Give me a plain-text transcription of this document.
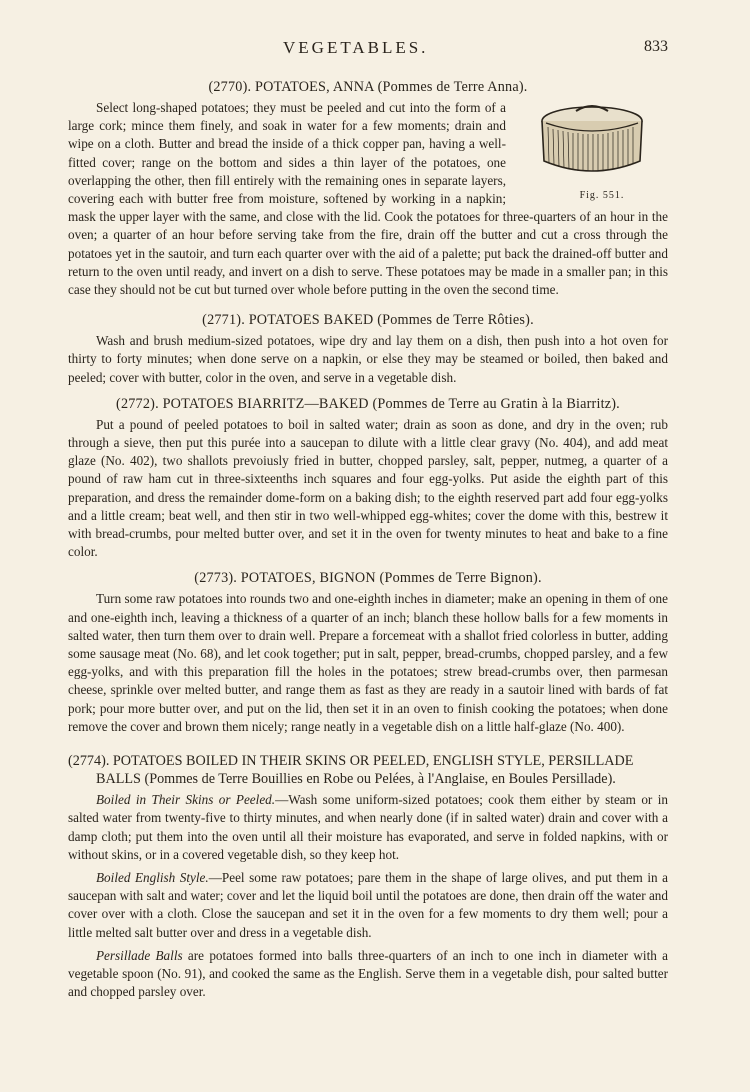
VEGETABLES.	833
(2770). POTATOES, ANNA (Pommes de Terre Anna).
Fig. 551.

Select long-shaped potatoes; they must be peeled and cut into the form of a large cork; mince them finely, and soak in water for a few moments; drain and wipe on a cloth. Butter and bread the inside of a thick copper pan, having a well-fitted cover; range on the bottom and sides a thin layer of the potatoes, one overlapping the other, then fill entirely with the remaining ones in separate layers, covering each with butter free from moisture, softened by working in a napkin; mask the upper layer with the same, and close with the lid. Cook the potatoes for three-quarters of an hour in the oven; a quarter of an hour before serving take from the fire, drain off the butter and cut a cross through the potatoes yet in the sautoir, and turn each quarter over with the aid of a palette; put back the drained-off butter and return to the oven until ready, and invert on a dish to serve. These potatoes may be made in a smaller pan; in this case they should not be cut but turned over whole before putting in the oven the second time.

(2771). POTATOES BAKED (Pommes de Terre Rôties).

Wash and brush medium-sized potatoes, wipe dry and lay them on a dish, then push into a hot oven for thirty to forty minutes; when done serve on a napkin, or else they may be steamed or boiled, then baked and peeled; cover with butter, color in the oven, and serve in a vegetable dish.

(2772). POTATOES BIARRITZ—BAKED (Pommes de Terre au Gratin à la Biarritz).

Put a pound of peeled potatoes to boil in salted water; drain as soon as done, and dry in the oven; rub through a sieve, then put this purée into a saucepan to dilute with a little clear gravy (No. 404), and add meat glaze (No. 402), two shallots prevoiusly fried in butter, chopped parsley, salt, pepper, nutmeg, a quarter of a pound of raw ham cut in three-sixteenths inch squares and four egg-yolks. Put aside the eighth part of this preparation, and dress the remainder dome-form on a baking dish; to the eighth reserved part add four egg-yolks and a little cream; beat well, and then stir in two well-whipped egg-whites; cover the dome with this, bestrew it with bread-crumbs, pour melted butter over, and set it in the oven for twenty minutes to heat and bake to a fine color.

(2773). POTATOES, BIGNON (Pommes de Terre Bignon).

Turn some raw potatoes into rounds two and one-eighth inches in diameter; make an opening in them of one and one-eighth inch, leaving a thickness of a quarter of an inch; blanch these hollow balls for a few moments in salted water, then turn them over to drain well. Prepare a forcemeat with a shallot fried colorless in butter, adding some sausage meat (No. 68), and let cook together; put in salt, pepper, bread-crumbs, chopped parsley, and a few egg-yolks, and with this preparation fill the holes in the potatoes; strew bread-crumbs over, then parmesan cheese, sprinkle over melted butter, and range them as fast as they are ready in a sautoir lined with bards of fat pork; pour more butter over, and put on the lid, then set it in an oven to finish cooking the potatoes; when done remove the cover and brown them nicely; range neatly in a vegetable dish on a little half-glaze (No. 400).

(2774). POTATOES BOILED IN THEIR SKINS OR PEELED, ENGLISH STYLE, PERSILLADE
BALLS (Pommes de Terre Bouillies en Robe ou Pelées, à l'Anglaise, en Boules Persillade).

Boiled in Their Skins or Peeled.—Wash some uniform-sized potatoes; cook them either by steam or in salted water from twenty-five to thirty minutes, and when nearly done (if in salted water) drain and cover with a damp cloth; put them into the oven until all their moisture has evaporated, and serve in folded napkins, with or without skins, or in a covered vegetable dish, so they keep hot.

Boiled English Style.—Peel some raw potatoes; pare them in the shape of large olives, and put them in a saucepan with salt and water; cover and let the liquid boil until the potatoes are done, then drain off the water and cover over with a cloth. Close the saucepan and set it in the oven for a few moments to dry them well; pour a little melted salt butter over and dress in a vegetable dish.

Persillade Balls are potatoes formed into balls three-quarters of an inch to one inch in diameter with a vegetable spoon (No. 91), and cooked the same as the English. Serve them in a vegetable dish, pour salted butter and chopped parsley over.
